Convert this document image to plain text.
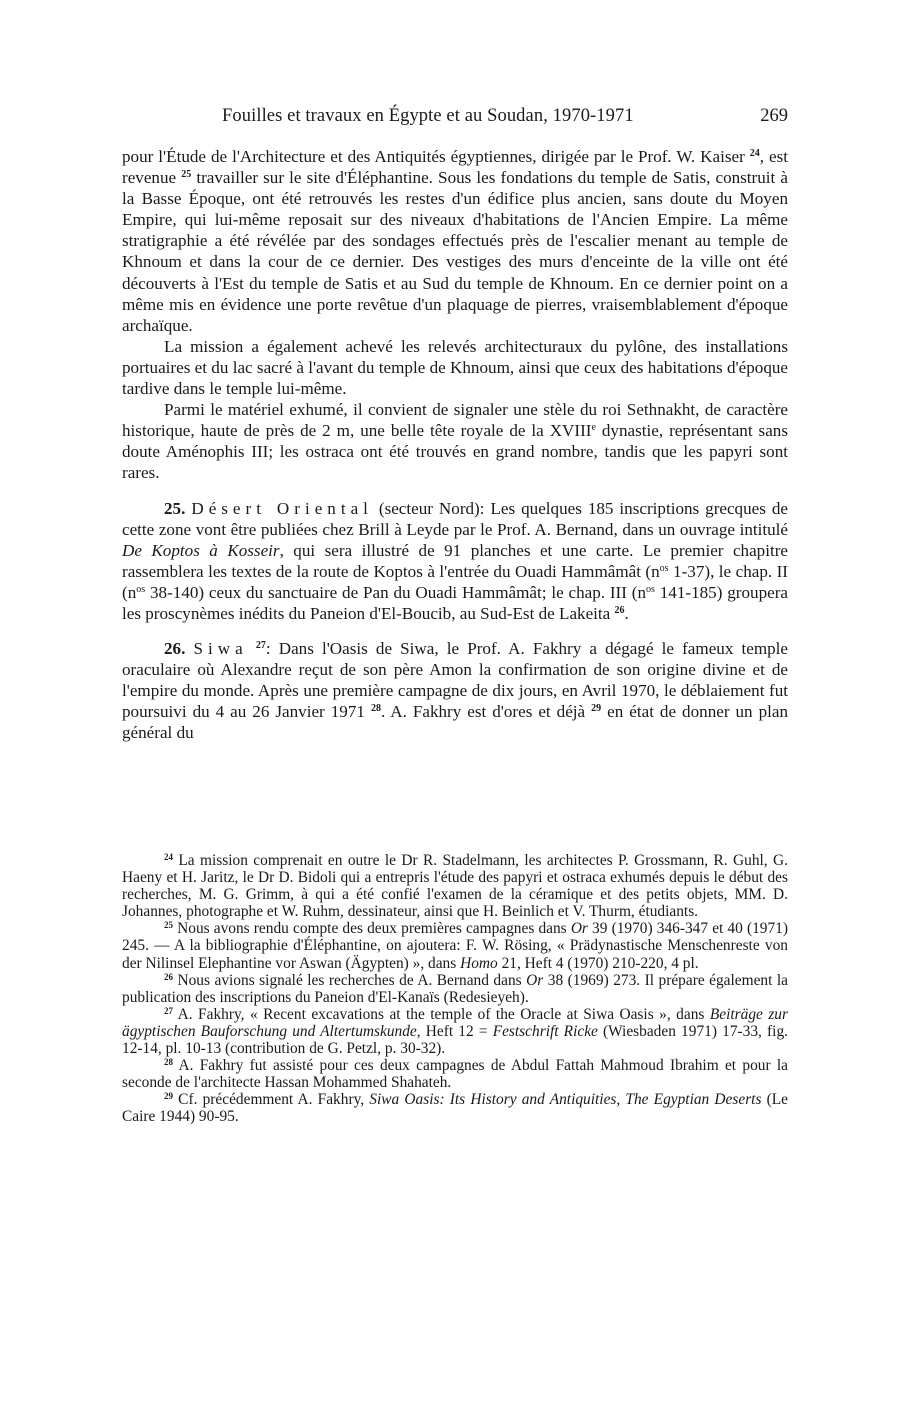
Fouilles et travaux en Égypte et au Soudan, 1970-1971	269

pour l'Étude de l'Architecture et des Antiquités égyptiennes, dirigée par le Prof. W. Kaiser $^{24}$, est revenue $^{25}$ travailler sur le site d'Éléphantine. Sous les fondations du temple de Satis, construit à la Basse Époque, ont été retrouvés les restes d'un édifice plus ancien, sans doute du Moyen Empire, qui lui-même reposait sur des niveaux d'habitations de l'Ancien Empire. La même stratigraphie a été révélée par des sondages effectués près de l'escalier menant au temple de Khnoum et dans la cour de ce dernier. Des vestiges des murs d'enceinte de la ville ont été découverts à l'Est du temple de Satis et au Sud du temple de Khnoum. En ce dernier point on a même mis en évidence une porte revêtue d'un plaquage de pierres, vraisemblablement d'époque archaïque.

La mission a également achevé les relevés architecturaux du pylône, des installations portuaires et du lac sacré à l'avant du temple de Khnoum, ainsi que ceux des habitations d'époque tardive dans le temple lui-même.

Parmi le matériel exhumé, il convient de signaler une stèle du roi Sethnakht, de caractère historique, haute de près de 2 m, une belle tête royale de la XVIIIe dynastie, représentant sans doute Aménophis III; les ostraca ont été trouvés en grand nombre, tandis que les papyri sont rares.

25. Désert Oriental (secteur Nord): Les quelques 185 inscriptions grecques de cette zone vont être publiées chez Brill à Leyde par le Prof. A. Bernand, dans un ouvrage intitulé De Koptos à Kosseir, qui sera illustré de 91 planches et une carte. Le premier chapitre rassemblera les textes de la route de Koptos à l'entrée du Ouadi Hammâmât ($n^{os}$ 1-37), le chap. II ($n^{os}$ 38-140) ceux du sanctuaire de Pan du Ouadi Hammâmât; le chap. III ($n^{os}$ 141-185) groupera les proscynèmes inédits du Paneion d'El-Boucib, au Sud-Est de Lakeita $^{26}$.

26. Siwa $^{27}$: Dans l'Oasis de Siwa, le Prof. A. Fakhry a dégagé le fameux temple oraculaire où Alexandre reçut de son père Amon la confirmation de son origine divine et de l'empire du monde. Après une première campagne de dix jours, en Avril 1970, le déblaiement fut poursuivi du 4 au 26 Janvier 1971 $^{28}$. A. Fakhry est d'ores et déjà $^{29}$ en état de donner un plan général du

$^{24}$ La mission comprenait en outre le Dr R. Stadelmann, les architectes P. Grossmann, R. Guhl, G. Haeny et H. Jaritz, le Dr D. Bidoli qui a entrepris l'étude des papyri et ostraca exhumés depuis le début des recherches, M. G. Grimm, à qui a été confié l'examen de la céramique et des petits objets, MM. D. Johannes, photographe et W. Ruhm, dessinateur, ainsi que H. Beinlich et V. Thurm, étudiants.

$^{25}$ Nous avons rendu compte des deux premières campagnes dans Or 39 (1970) 346-347 et 40 (1971) 245. — A la bibliographie d'Éléphantine, on ajoutera: F. W. Rösing, « Prädynastische Menschenreste von der Nilinsel Elephantine vor Aswan (Ägypten) », dans Homo 21, Heft 4 (1970) 210-220, 4 pl.

$^{26}$ Nous avions signalé les recherches de A. Bernand dans Or 38 (1969) 273. Il prépare également la publication des inscriptions du Paneion d'El-Kanaïs (Redesieyeh).

$^{27}$ A. Fakhry, « Recent excavations at the temple of the Oracle at Siwa Oasis », dans Beiträge zur ägyptischen Bauforschung und Altertumskunde, Heft 12 = Festschrift Ricke (Wiesbaden 1971) 17-33, fig. 12-14, pl. 10-13 (contribution de G. Petzl, p. 30-32).

$^{28}$ A. Fakhry fut assisté pour ces deux campagnes de Abdul Fattah Mahmoud Ibrahim et pour la seconde de l'architecte Hassan Mohammed Shahateh.

$^{29}$ Cf. précédemment A. Fakhry, Siwa Oasis: Its History and Antiquities, The Egyptian Deserts (Le Caire 1944) 90-95.
